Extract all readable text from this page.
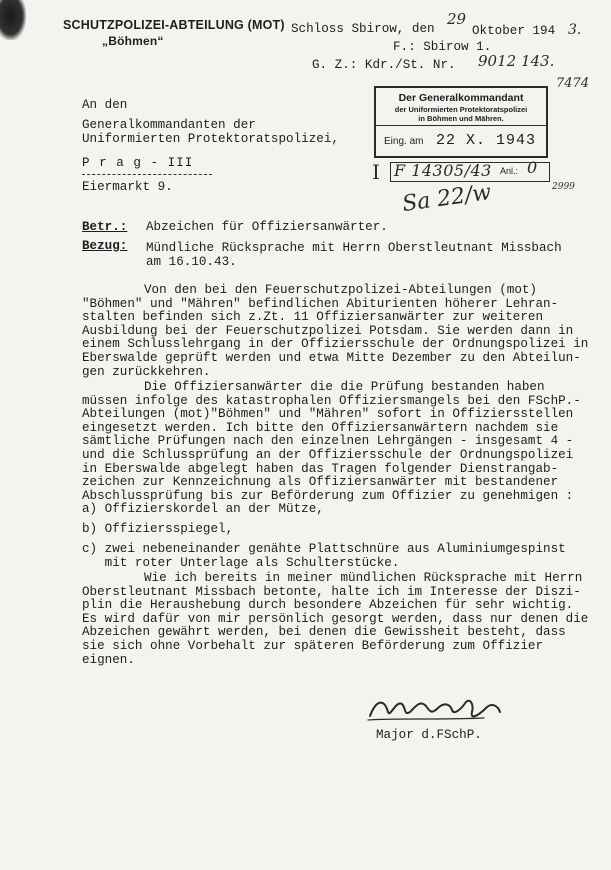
SCHUTZPOLIZEI-ABTEILUNG (MOT)
„Böhmen“
Schloss Sbirow, den
29
Oktober 194 3.
F.: Sbirow 1.
G. Z.: Kdr./St. Nr. 9012 143.
7474
An den
Generalkommandanten der
Uniformierten Protektoratspolizei,
P r a g - III
Eiermarkt 9.
Der Generalkommandant
der Uniformierten Protektoratspolizei
in Böhmen und Mähren.
Eing. am 22 X. 1943
I F 14305/43 Anl.: 0
2999
Sa 22/w
Betr.: Abzeichen für Offiziersanwärter.
Bezug: Mündliche Rücksprache mit Herrn Oberstleutnant Missbach
am 16.10.43.
Von den bei den Feuerschutzpolizei-Abteilungen (mot)
"Böhmen" und "Mähren" befindlichen Abiturienten höherer Lehran-
stalten befinden sich z.Zt. 11 Offiziersanwärter zur weiteren
Ausbildung bei der Feuerschutzpolizei Potsdam. Sie werden dann in
einem Schlusslehrgang in der Offiziersschule der Ordnungspolizei in
Eberswalde geprüft werden und etwa Mitte Dezember zu den Abteilun-
gen zurückkehren.
Die Offiziersanwärter die die Prüfung bestanden haben
müssen infolge des katastrophalen Offiziersmangels bei den FSchP.-
Abteilungen (mot)"Böhmen" und "Mähren" sofort in Offiziersstellen
eingesetzt werden. Ich bitte den Offiziersanwärtern nachdem sie
sämtliche Prüfungen nach den einzelnen Lehrgängen - insgesamt 4 -
und die Schlussprüfung an der Offiziersschule der Ordnungspolizei
in Eberswalde abgelegt haben das Tragen folgender Dienstrangab-
zeichen zur Kennzeichnung als Offiziersanwärter mit bestandener
Abschlussprüfung bis zur Beförderung zum Offizier zu genehmigen :
a) Offizierskordel an der Mütze,
b) Offiziersspiegel,
c) zwei nebeneinander genähte Plattschnüre aus Aluminiumgespinst
mit roter Unterlage als Schulterstücke.
Wie ich bereits in meiner mündlichen Rücksprache mit Herrn
Oberstleutnant Missbach betonte, halte ich im Interesse der Diszi-
plin die Heraushebung durch besondere Abzeichen für sehr wichtig.
Es wird dafür von mir persönlich gesorgt werden, dass nur denen die
Abzeichen gewährt werden, bei denen die Gewissheit besteht, dass
sie sich ohne Vorbehalt zur späteren Beförderung zum Offizier
eignen.
Major d.FSchP.
